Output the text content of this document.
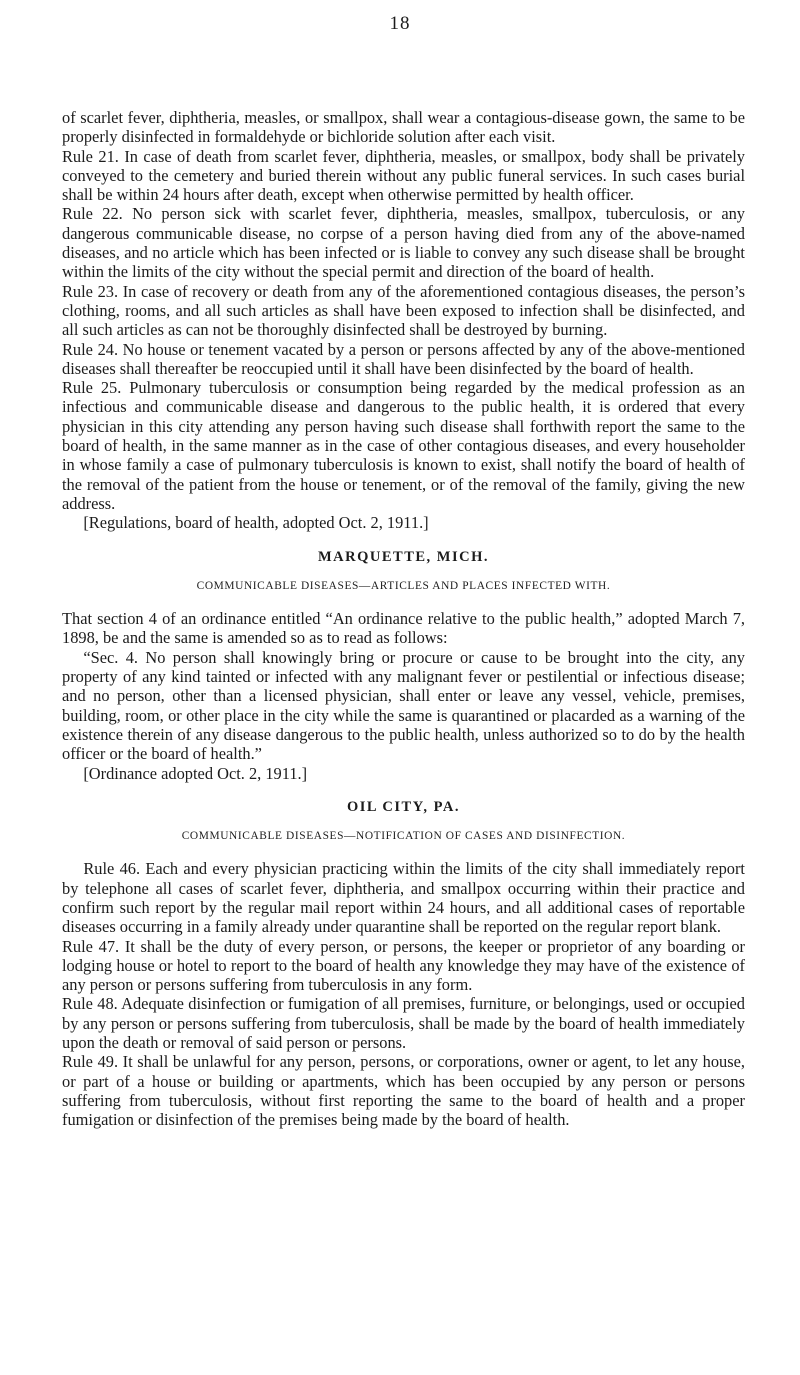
18

of scarlet fever, diphtheria, measles, or smallpox, shall wear a contagious-disease gown, the same to be properly disinfected in formaldehyde or bichloride solution after each visit.

Rule 21. In case of death from scarlet fever, diphtheria, measles, or smallpox, body shall be privately conveyed to the cemetery and buried therein without any public funeral services. In such cases burial shall be within 24 hours after death, except when otherwise permitted by health officer.

Rule 22. No person sick with scarlet fever, diphtheria, measles, smallpox, tuberculosis, or any dangerous communicable disease, no corpse of a person having died from any of the above-named diseases, and no article which has been infected or is liable to convey any such disease shall be brought within the limits of the city without the special permit and direction of the board of health.

Rule 23. In case of recovery or death from any of the aforementioned contagious diseases, the person’s clothing, rooms, and all such articles as shall have been exposed to infection shall be disinfected, and all such articles as can not be thoroughly disinfected shall be destroyed by burning.

Rule 24. No house or tenement vacated by a person or persons affected by any of the above-mentioned diseases shall thereafter be reoccupied until it shall have been disinfected by the board of health.

Rule 25. Pulmonary tuberculosis or consumption being regarded by the medical profession as an infectious and communicable disease and dangerous to the public health, it is ordered that every physician in this city attending any person having such disease shall forthwith report the same to the board of health, in the same manner as in the case of other contagious diseases, and every householder in whose family a case of pulmonary tuberculosis is known to exist, shall notify the board of health of the removal of the patient from the house or tenement, or of the removal of the family, giving the new address.

[Regulations, board of health, adopted Oct. 2, 1911.]

MARQUETTE, MICH.
COMMUNICABLE DISEASES—ARTICLES AND PLACES INFECTED WITH.

That section 4 of an ordinance entitled “An ordinance relative to the public health,” adopted March 7, 1898, be and the same is amended so as to read as follows:

“Sec. 4. No person shall knowingly bring or procure or cause to be brought into the city, any property of any kind tainted or infected with any malignant fever or pestilential or infectious disease; and no person, other than a licensed physician, shall enter or leave any vessel, vehicle, premises, building, room, or other place in the city while the same is quarantined or placarded as a warning of the existence therein of any disease dangerous to the public health, unless authorized so to do by the health officer or the board of health.”

[Ordinance adopted Oct. 2, 1911.]

OIL CITY, PA.
COMMUNICABLE DISEASES—NOTIFICATION OF CASES AND DISINFECTION.

Rule 46. Each and every physician practicing within the limits of the city shall immediately report by telephone all cases of scarlet fever, diphtheria, and smallpox occurring within their practice and confirm such report by the regular mail report within 24 hours, and all additional cases of reportable diseases occurring in a family already under quarantine shall be reported on the regular report blank.

Rule 47. It shall be the duty of every person, or persons, the keeper or proprietor of any boarding or lodging house or hotel to report to the board of health any knowledge they may have of the existence of any person or persons suffering from tuberculosis in any form.

Rule 48. Adequate disinfection or fumigation of all premises, furniture, or belongings, used or occupied by any person or persons suffering from tuberculosis, shall be made by the board of health immediately upon the death or removal of said person or persons.

Rule 49. It shall be unlawful for any person, persons, or corporations, owner or agent, to let any house, or part of a house or building or apartments, which has been occupied by any person or persons suffering from tuberculosis, without first reporting the same to the board of health and a proper fumigation or disinfection of the premises being made by the board of health.
